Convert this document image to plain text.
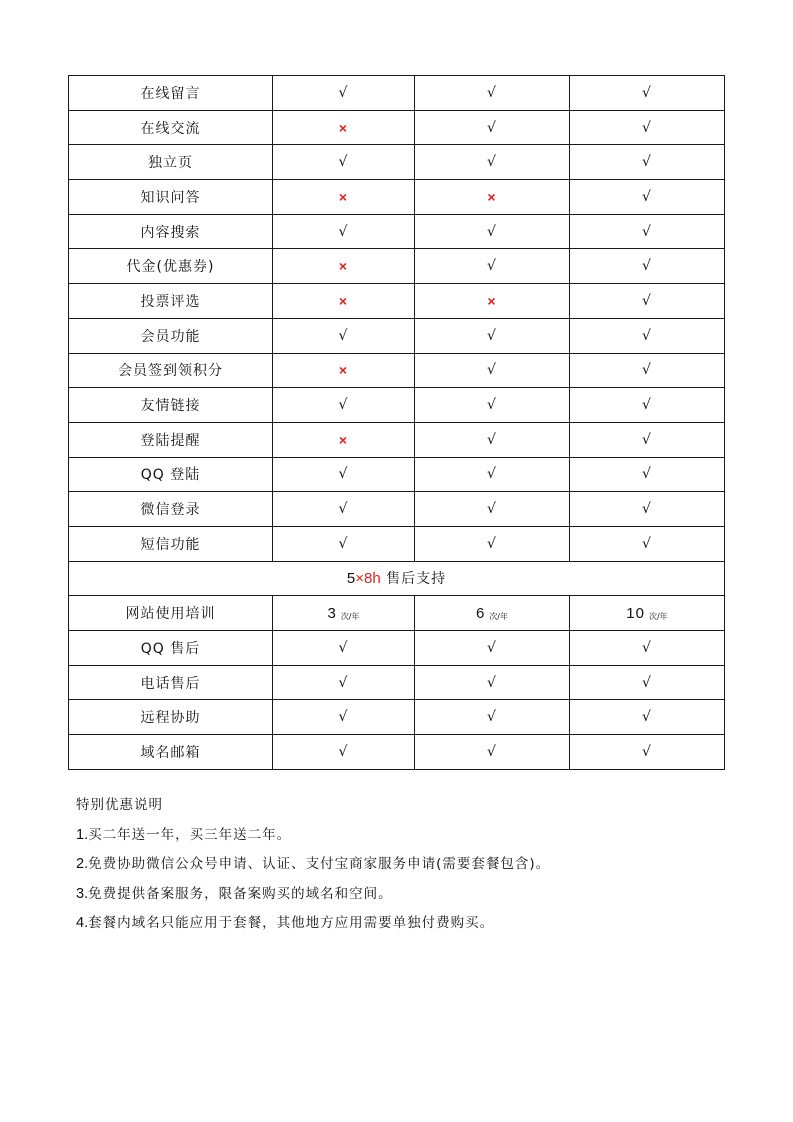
在线留言	√	√	√
在线交流	×	√	√
独立页	√	√	√
知识问答	×	×	√
内容搜索	√	√	√
代金(优惠券)	×	√	√
投票评选	×	×	√
会员功能	√	√	√
会员签到领积分	×	√	√
友情链接	√	√	√
登陆提醒	×	√	√
QQ 登陆	√	√	√
微信登录	√	√	√
短信功能	√	√	√
5×8h 售后支持			
网站使用培训	3 次/年	6 次/年	10 次/年
QQ 售后	√	√	√
电话售后	√	√	√
远程协助	√	√	√
域名邮箱	√	√	√
特别优惠说明
1.买二年送一年，买三年送二年。
2.免费协助微信公众号申请、认证、支付宝商家服务申请(需要套餐包含)。
3.免费提供备案服务，限备案购买的域名和空间。
4.套餐内域名只能应用于套餐，其他地方应用需要单独付费购买。
